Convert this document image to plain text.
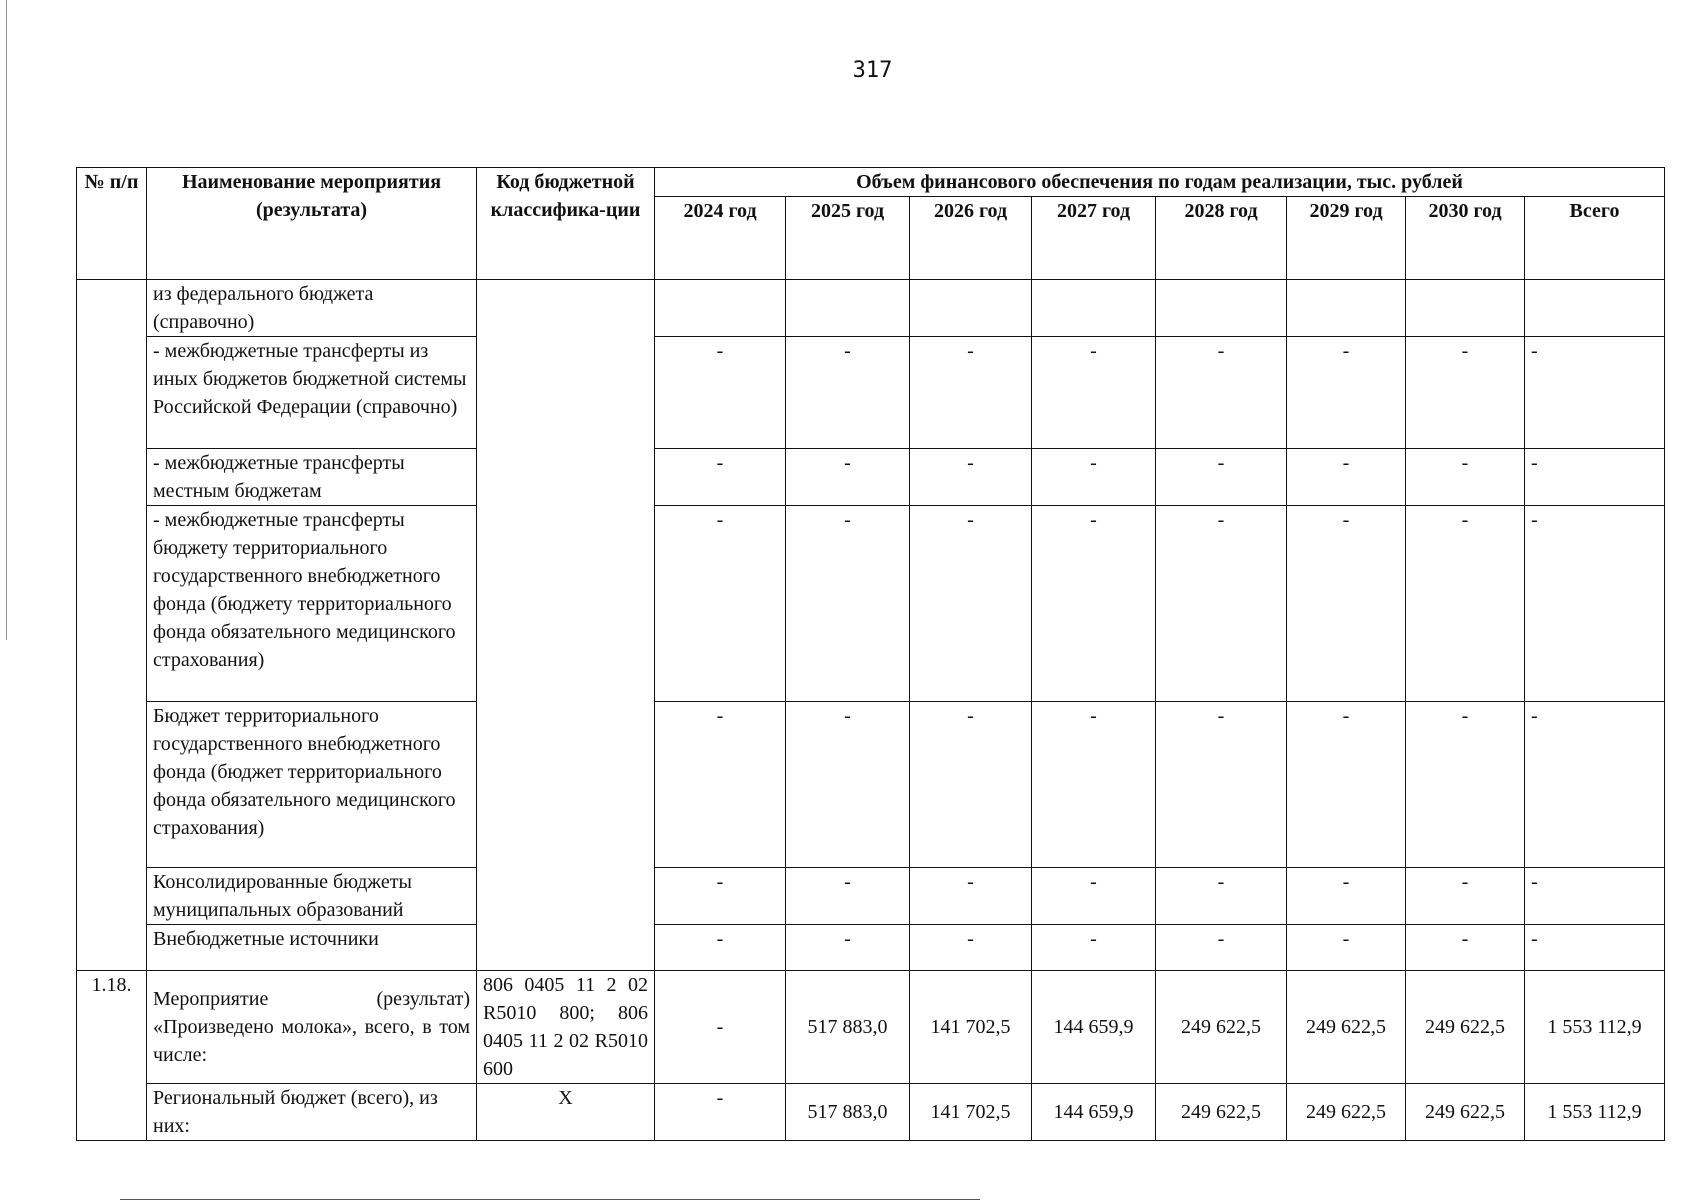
317
№ п/п	Наименование мероприятия (результата)	Код бюджетной классифика-ции	Объем финансового обеспечения по годам реализации, тыс. рублей							
			2024 год	2025 год	2026 год	2027 год	2028 год	2029 год	2030 год	Всего
	из федерального бюджета (справочно)									
	- межбюджетные трансферты из иных бюджетов бюджетной системы Российской Федерации (справочно)		-	-	-	-	-	-	-	-
	- межбюджетные трансферты местным бюджетам		-	-	-	-	-	-	-	-
	- межбюджетные трансферты бюджету территориального государственного внебюджетного фонда (бюджету территориального фонда обязательного медицинского страхования)		-	-	-	-	-	-	-	-
	Бюджет территориального государственного внебюджетного фонда (бюджет территориального фонда обязательного медицинского страхования)		-	-	-	-	-	-	-	-
	Консолидированные бюджеты муниципальных образований		-	-	-	-	-	-	-	-
	Внебюджетные источники		-	-	-	-	-	-	-	-
1.18.	Мероприятие (результат) «Произведено молока», всего, в том числе:	806 0405 11 2 02 R5010 800; 806 0405 11 2 02 R5010 600	-	517 883,0	141 702,5	144 659,9	249 622,5	249 622,5	249 622,5	1 553 112,9
	Региональный бюджет (всего), из них:	X	-	517 883,0	141 702,5	144 659,9	249 622,5	249 622,5	249 622,5	1 553 112,9
